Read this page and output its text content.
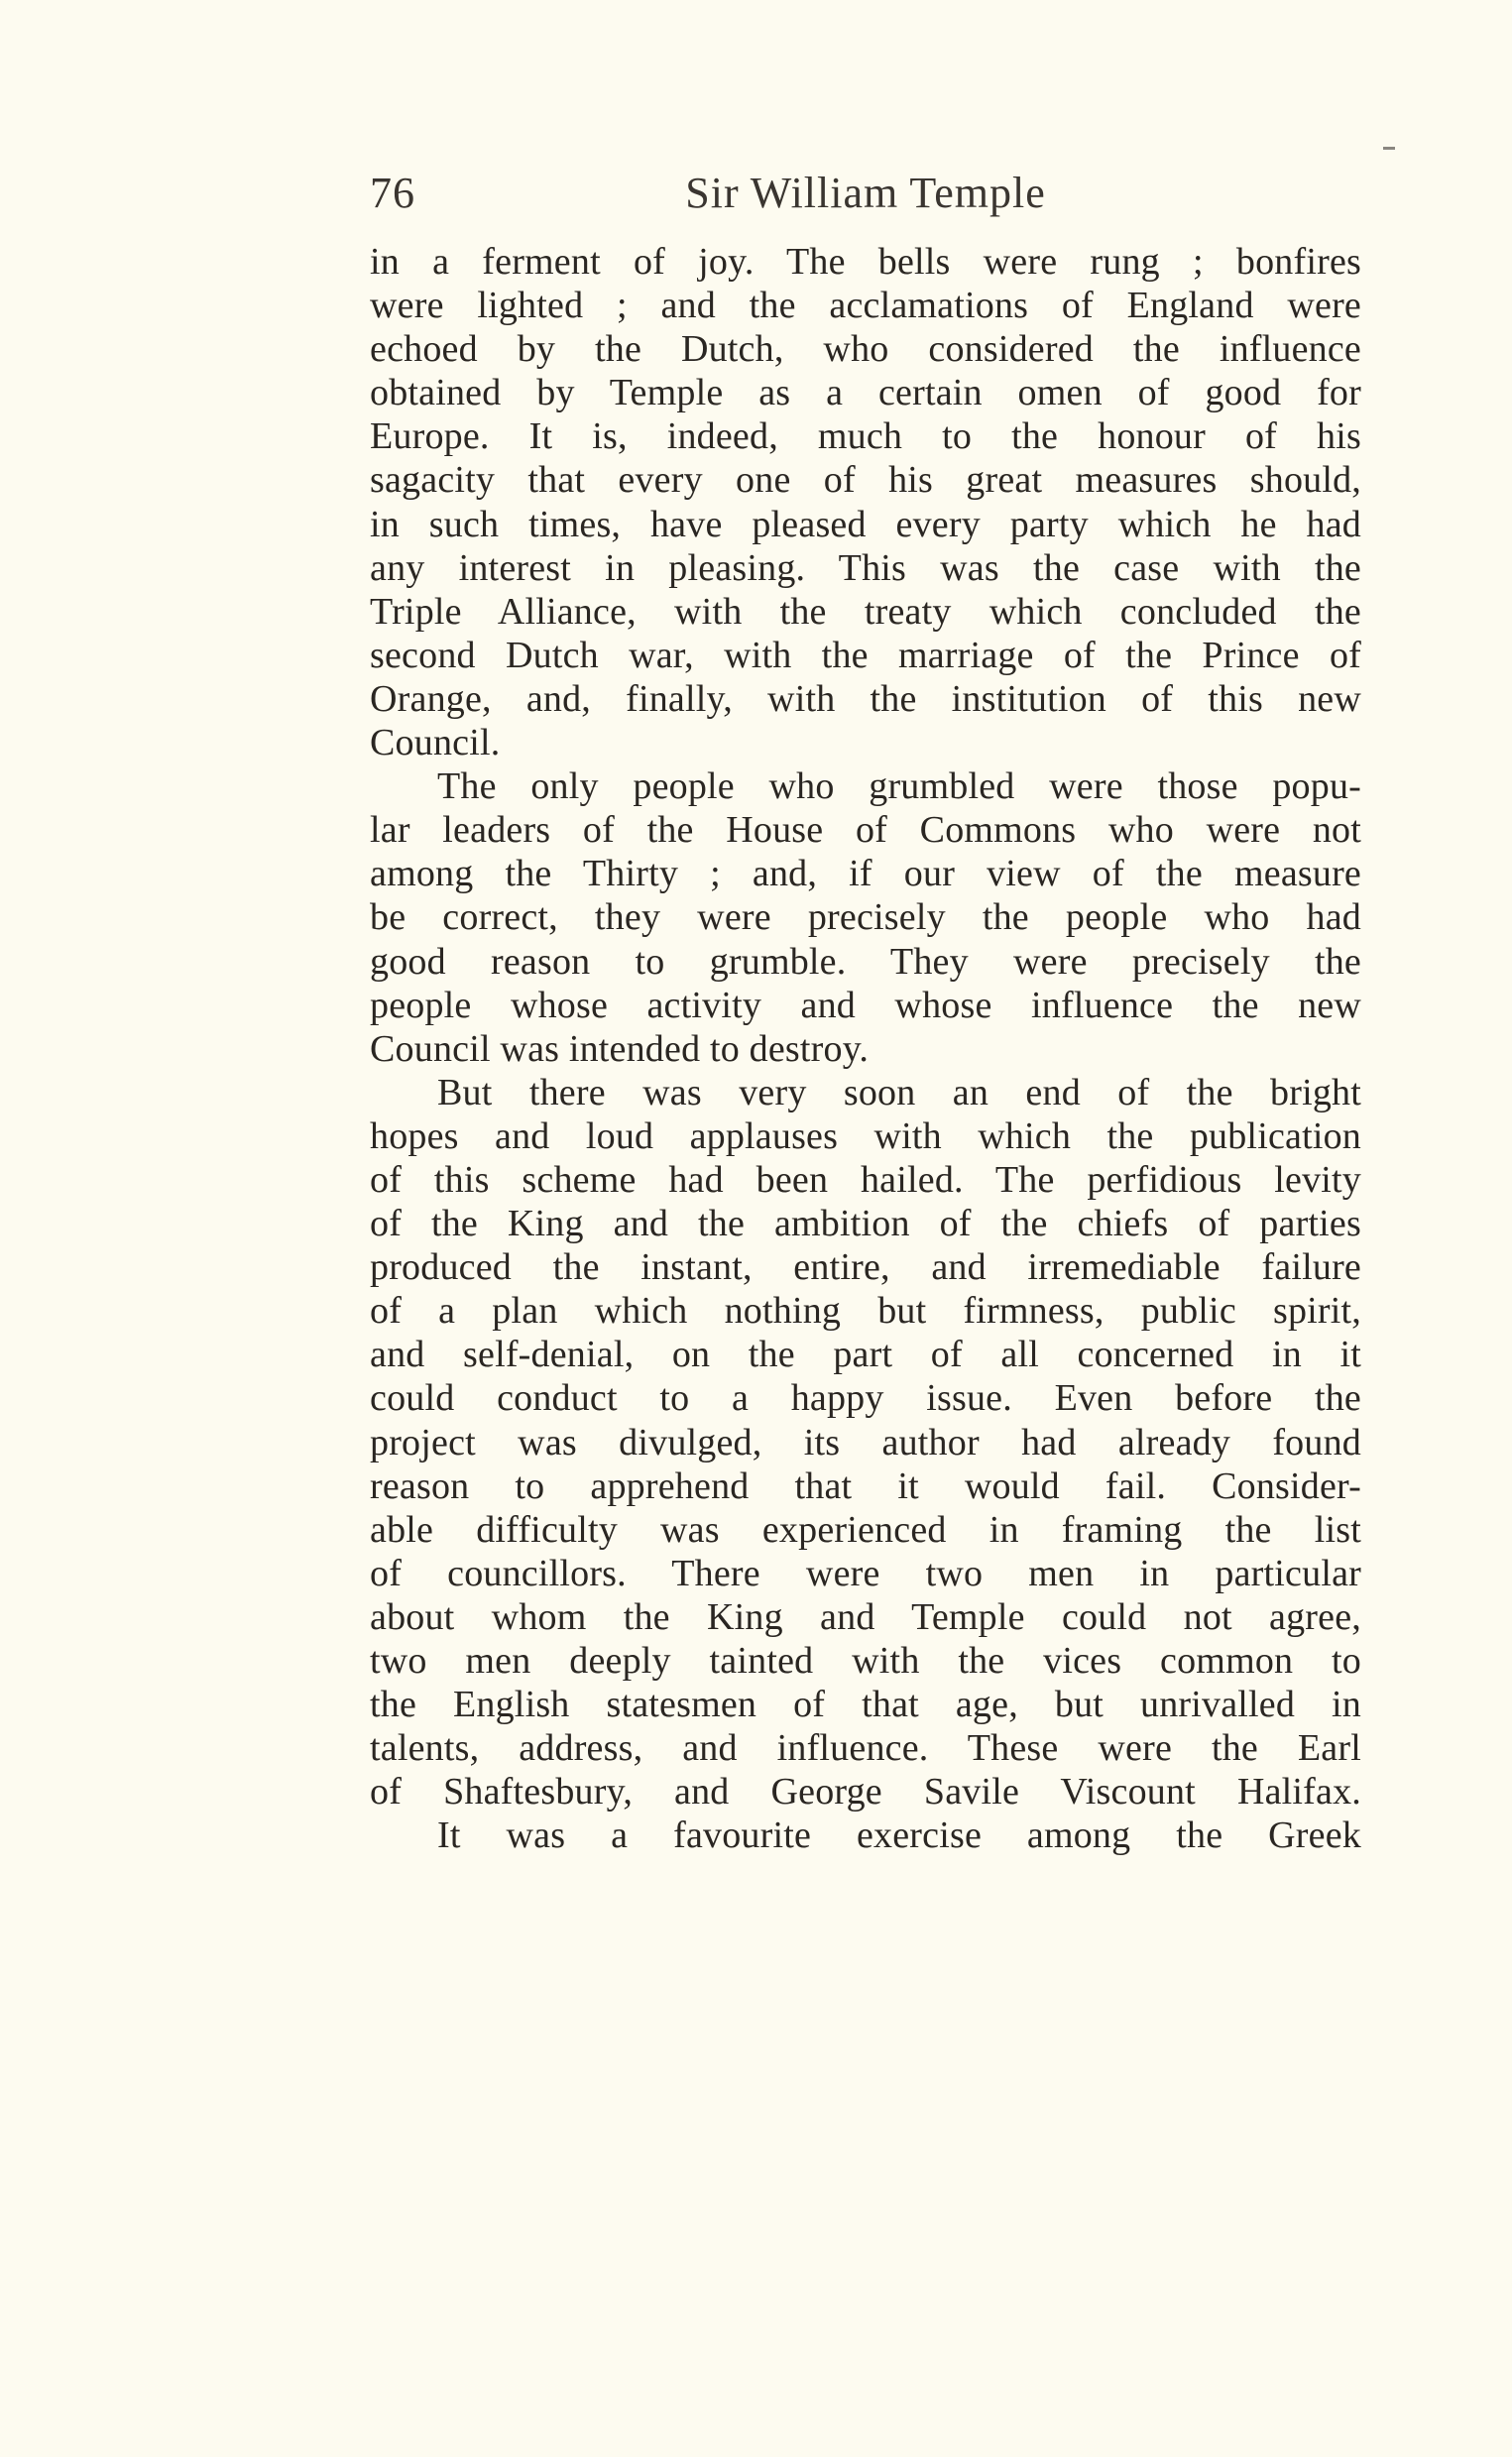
76	Sir William Temple
in a ferment of joy. The bells were rung ; bonfires
were lighted ; and the acclamations of England were
echoed by the Dutch, who considered the influence
obtained by Temple as a certain omen of good for
Europe. It is, indeed, much to the honour of his
sagacity that every one of his great measures should,
in such times, have pleased every party which he had
any interest in pleasing. This was the case with the
Triple Alliance, with the treaty which concluded the
second Dutch war, with the marriage of the Prince of
Orange, and, finally, with the institution of this new
Council.
The only people who grumbled were those popu-
lar leaders of the House of Commons who were not
among the Thirty ; and, if our view of the measure
be correct, they were precisely the people who had
good reason to grumble. They were precisely the
people whose activity and whose influence the new
Council was intended to destroy.
But there was very soon an end of the bright
hopes and loud applauses with which the publication
of this scheme had been hailed. The perfidious levity
of the King and the ambition of the chiefs of parties
produced the instant, entire, and irremediable failure
of a plan which nothing but firmness, public spirit,
and self-denial, on the part of all concerned in it
could conduct to a happy issue. Even before the
project was divulged, its author had already found
reason to apprehend that it would fail. Consider-
able difficulty was experienced in framing the list
of councillors. There were two men in particular
about whom the King and Temple could not agree,
two men deeply tainted with the vices common to
the English statesmen of that age, but unrivalled in
talents, address, and influence. These were the Earl
of Shaftesbury, and George Savile Viscount Halifax.
It was a favourite exercise among the Greek
